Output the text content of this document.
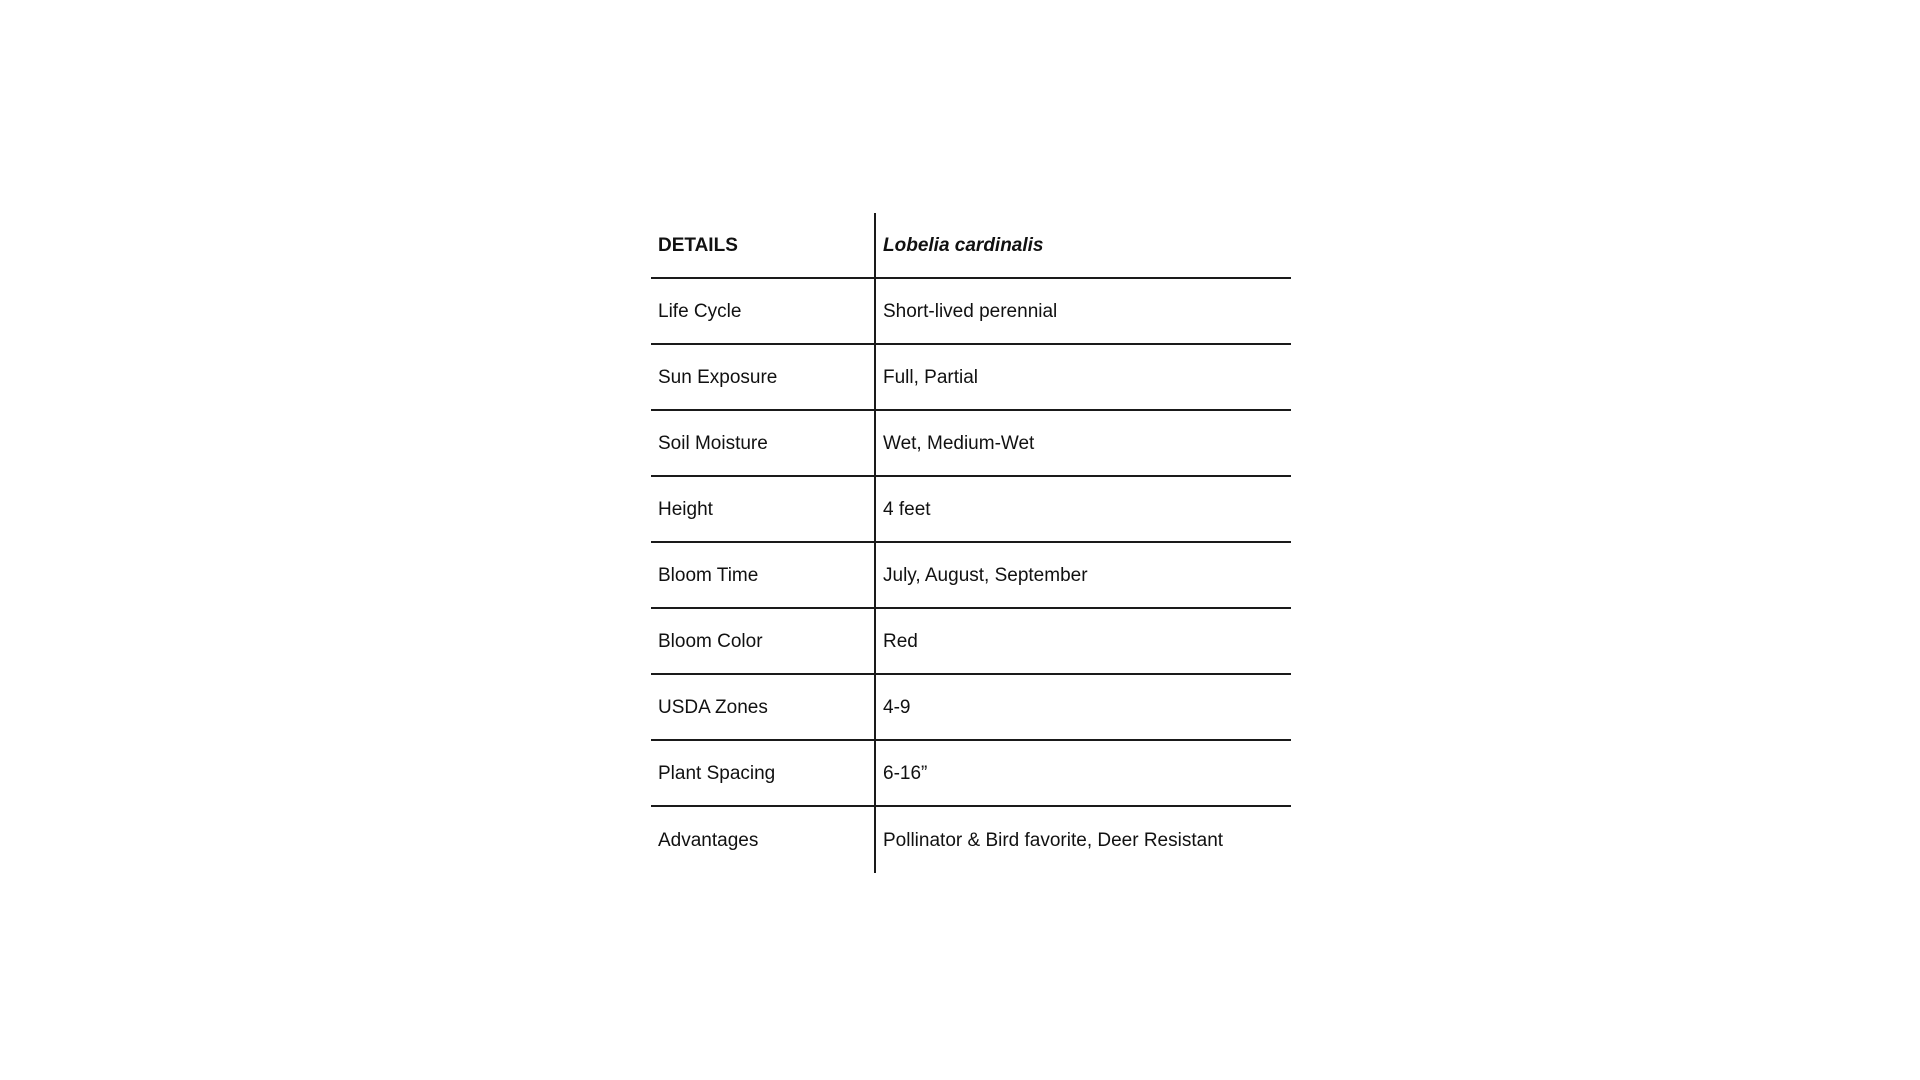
DETAILS	Lobelia cardinalis
Life Cycle	Short-lived perennial
Sun Exposure	Full, Partial
Soil Moisture	Wet, Medium-Wet
Height	4 feet
Bloom Time	July, August, September
Bloom Color	Red
USDA Zones	4-9
Plant Spacing	6-16”
Advantages	Pollinator & Bird favorite, Deer Resistant
